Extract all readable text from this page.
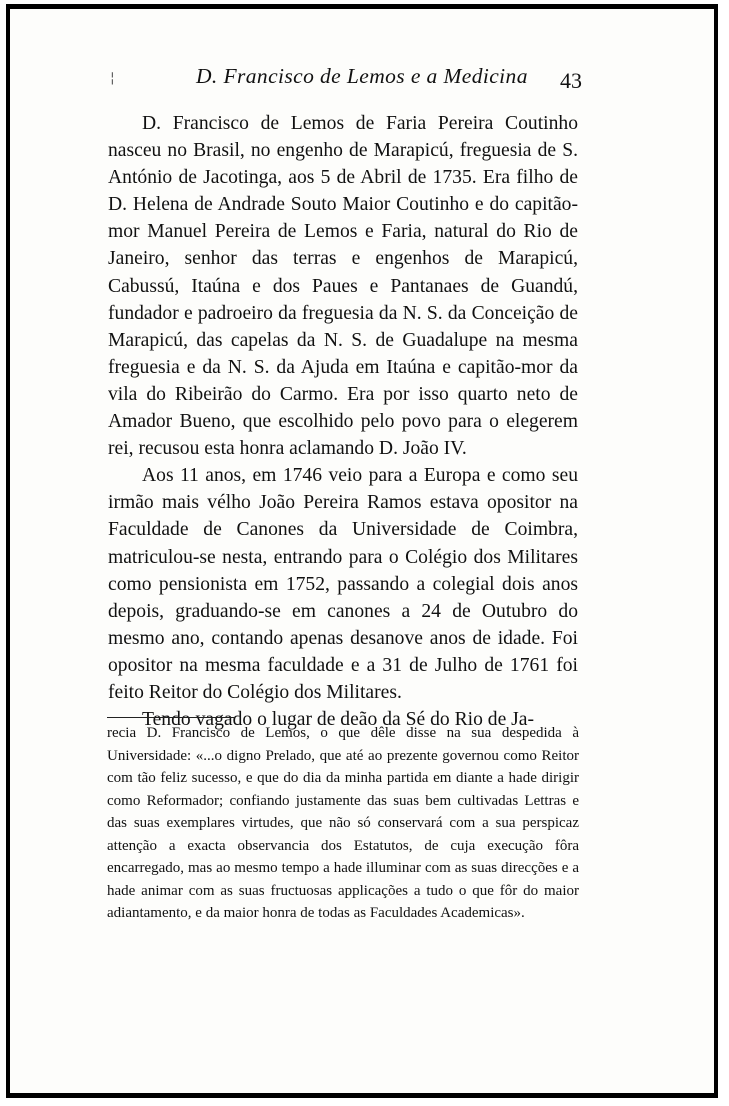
¦	D. Francisco de Lemos e a Medicina 43

D. Francisco de Lemos de Faria Pereira Coutinho nasceu no Brasil, no engenho de Marapicú, freguesia de S. António de Jacotinga, aos 5 de Abril de 1735. Era filho de D. Helena de Andrade Souto Maior Coutinho e do capitão-mor Manuel Pereira de Lemos e Faria, natural do Rio de Janeiro, senhor das terras e engenhos de Marapicú, Cabussú, Itaúna e dos Paues e Pantanaes de Guandú, fundador e padroeiro da freguesia da N. S. da Conceição de Marapicú, das capelas da N. S. de Guadalupe na mesma freguesia e da N. S. da Ajuda em Itaúna e capitão-mor da vila do Ribeirão do Carmo. Era por isso quarto neto de Amador Bueno, que escolhido pelo povo para o elegerem rei, recusou esta honra aclamando D. João IV.

Aos 11 anos, em 1746 veio para a Europa e como seu irmão mais vélho João Pereira Ramos estava opositor na Faculdade de Canones da Universidade de Coimbra, matriculou-se nesta, entrando para o Colégio dos Militares como pensionista em 1752, passando a colegial dois anos depois, graduando-se em canones a 24 de Outubro do mesmo ano, contando apenas desanove anos de idade. Foi opositor na mesma faculdade e a 31 de Julho de 1761 foi feito Reitor do Colégio dos Militares.

Tendo vagado o lugar de deão da Sé do Rio de Ja-

recia D. Francisco de Lemos, o que dêle disse na sua despedida à Universidade: «...o digno Prelado, que até ao prezente governou como Reitor com tão feliz sucesso, e que do dia da minha partida em diante a hade dirigir como Reformador; confiando justamente das suas bem cultivadas Lettras e das suas exemplares virtudes, que não só conservará com a sua perspicaz attenção a exacta observancia dos Estatutos, de cuja execução fôra encarregado, mas ao mesmo tempo a hade illuminar com as suas direcções e a hade animar com as suas fructuosas applicações a tudo o que fôr do maior adiantamento, e da maior honra de todas as Faculdades Academicas».
